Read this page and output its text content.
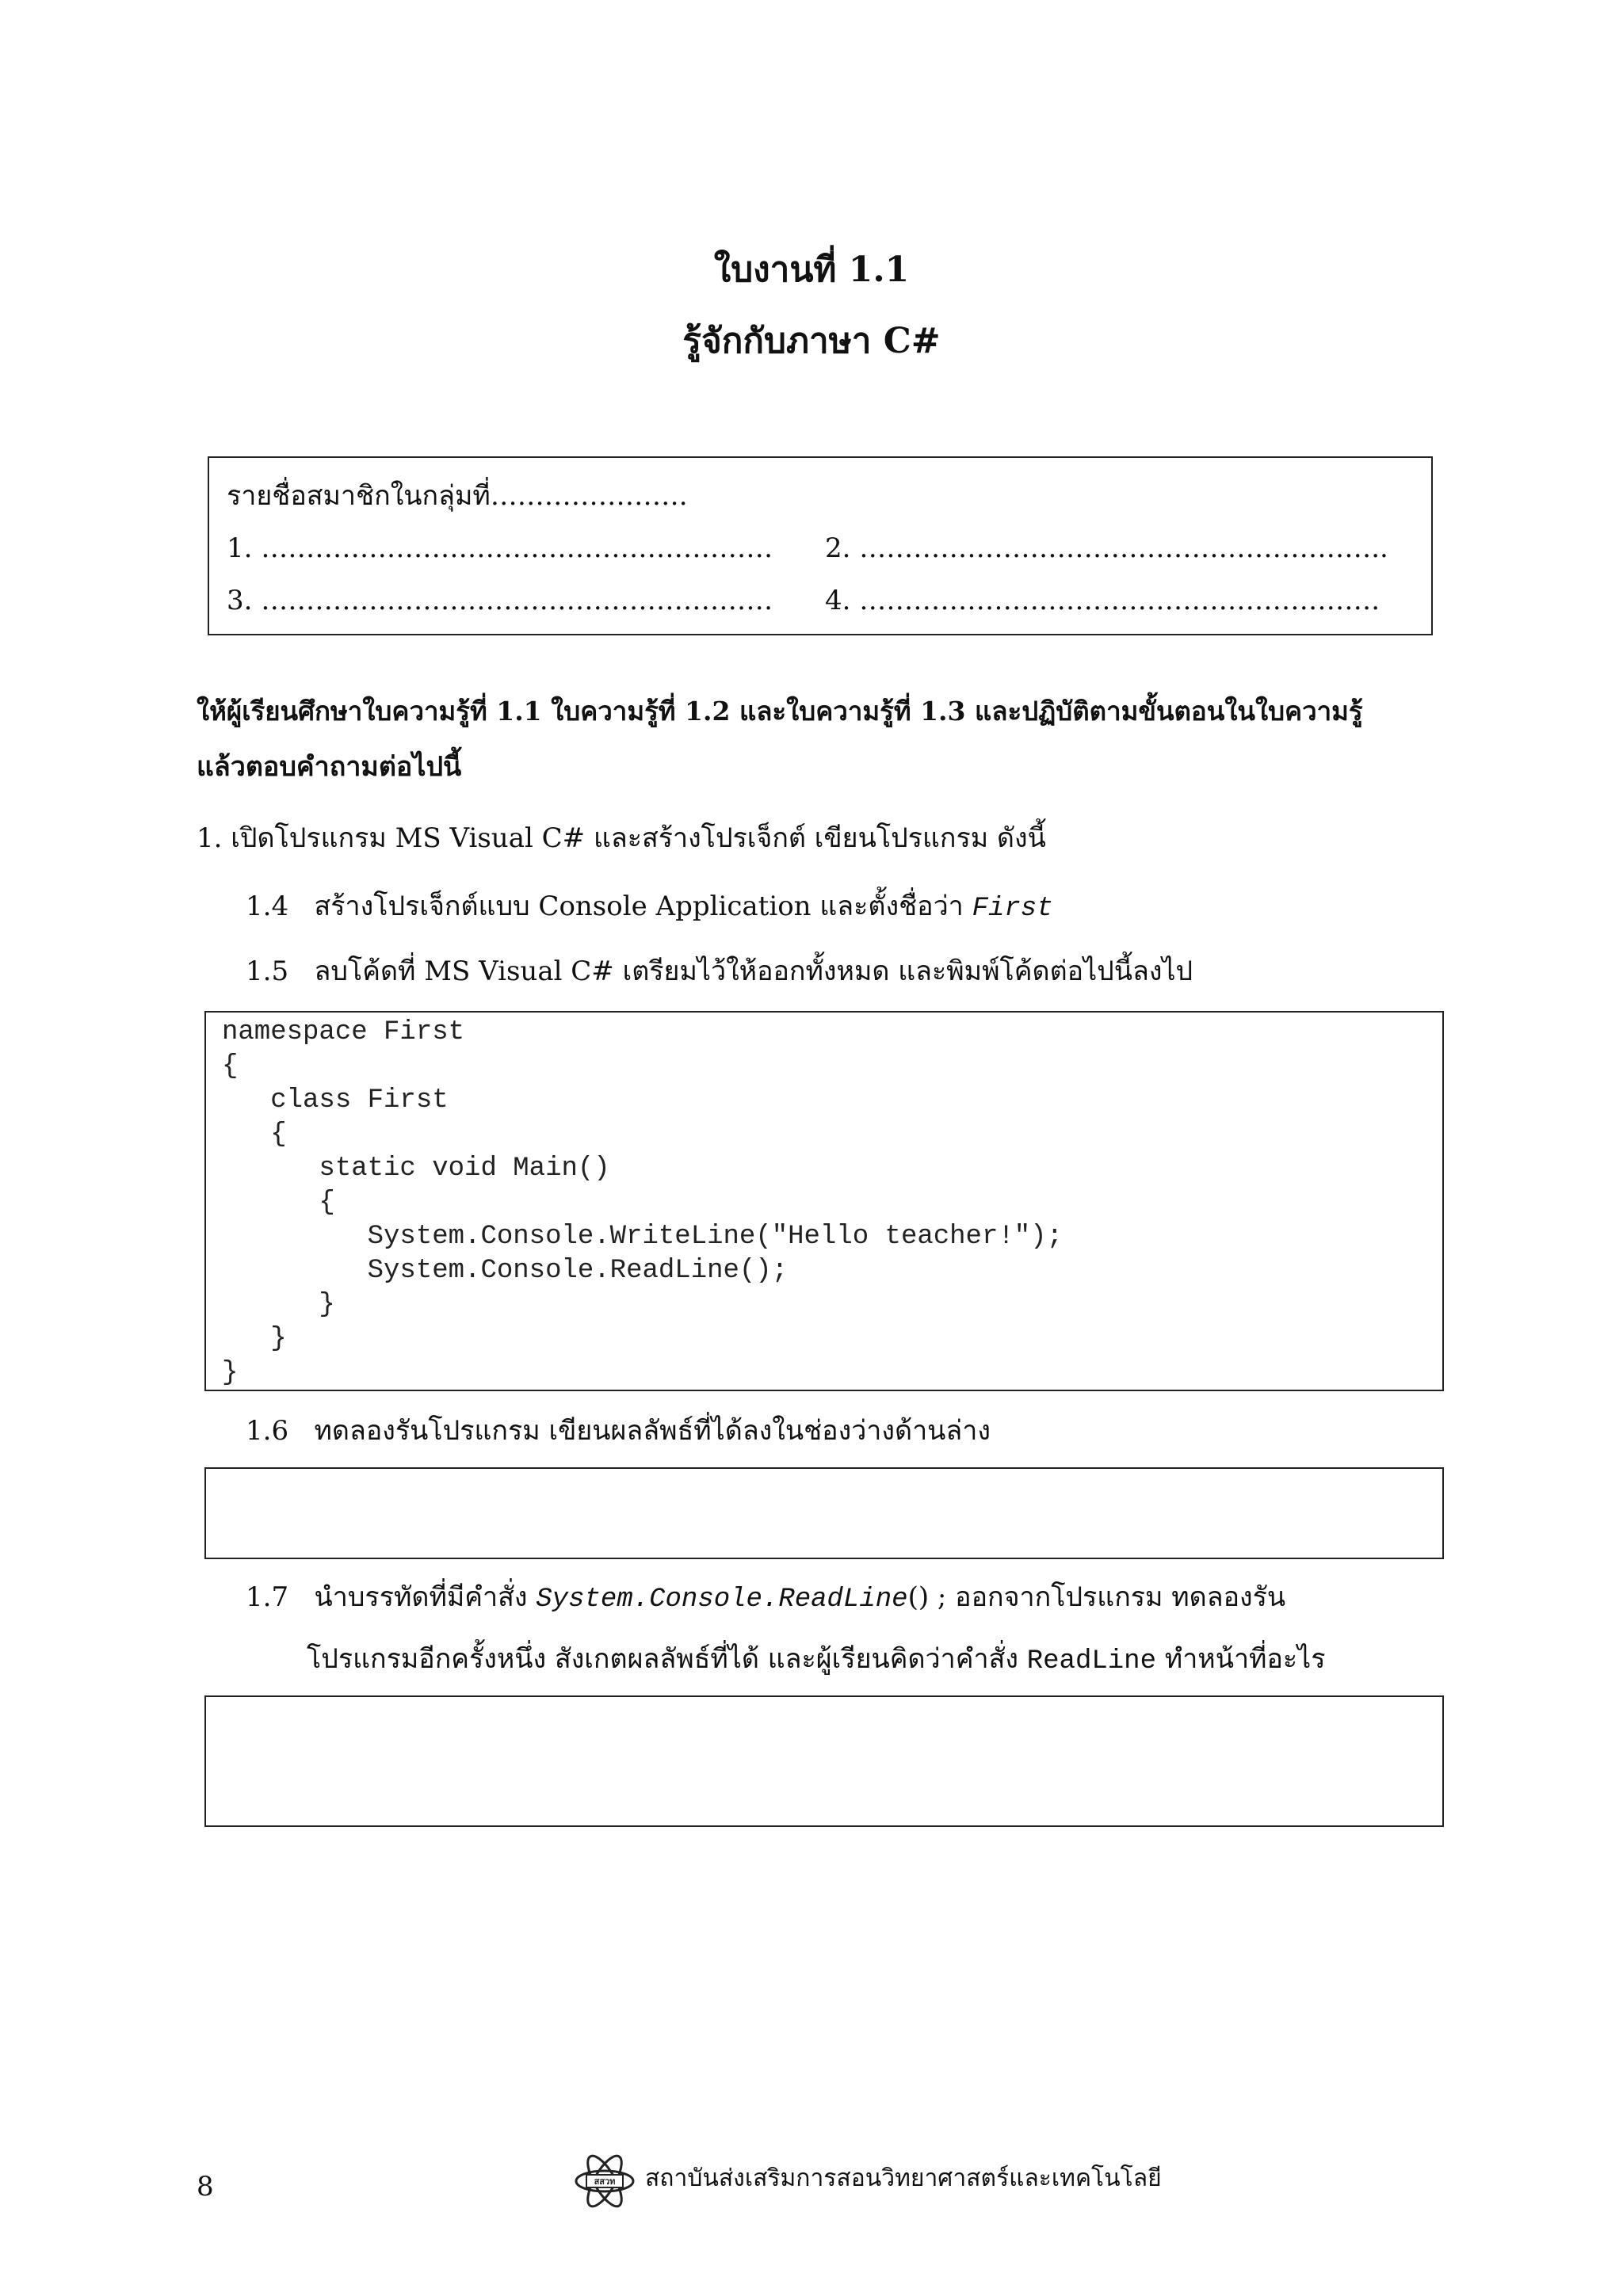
ใบงานที่ 1.1
รู้จักกับภาษา C#
รายชื่อสมาชิกในกลุ่มที่………………….
1. ………………………………………………… 2. …………………………………………………..
3. ………………………………………………… 4. ………………………………………………….
ให้ผู้เรียนศึกษาใบความรู้ที่ 1.1 ใบความรู้ที่ 1.2 และใบความรู้ที่ 1.3 และปฏิบัติตามขั้นตอนในใบความรู้
แล้วตอบคำถามต่อไปนี้
1. เปิดโปรแกรม MS Visual C# และสร้างโปรเจ็กต์ เขียนโปรแกรม ดังนี้
1.4 สร้างโปรเจ็กต์แบบ Console Application และตั้งชื่อว่า First
1.5 ลบโค้ดที่ MS Visual C# เตรียมไว้ให้ออกทั้งหมด และพิมพ์โค้ดต่อไปนี้ลงไป
namespace First
{
class First
{
static void Main()
{
System.Console.WriteLine("Hello teacher!");
System.Console.ReadLine();
}
}
}
1.6 ทดลองรันโปรแกรม เขียนผลลัพธ์ที่ได้ลงในช่องว่างด้านล่าง
1.7 นำบรรทัดที่มีคำสั่ง System.Console.ReadLine() ; ออกจากโปรแกรม ทดลองรัน
โปรแกรมอีกครั้งหนึ่ง สังเกตผลลัพธ์ที่ได้ และผู้เรียนคิดว่าคำสั่ง ReadLine ทำหน้าที่อะไร
8	สสวท สถาบันส่งเสริมการสอนวิทยาศาสตร์และเทคโนโลยี
